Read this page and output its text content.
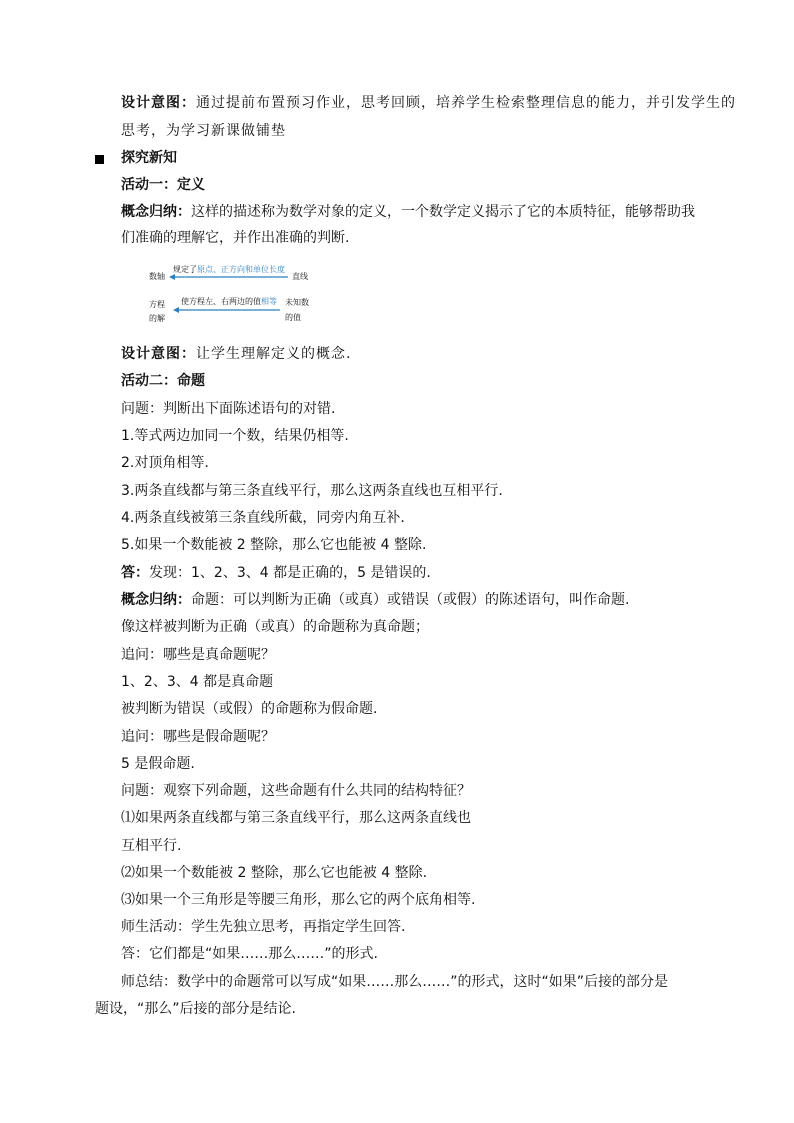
设计意图：通过提前布置预习作业，思考回顾，培养学生检索整理信息的能力，并引发学生的
思考，为学习新课做铺垫
探究新知
活动一：定义
概念归纳：这样的描述称为数学对象的定义，一个数学定义揭示了它的本质特征，能够帮助我
们准确的理解它，并作出准确的判断.
数轴
规定了原点、正方向和单位长度
直线
方程
的解
使方程左、右两边的值相等 未知数
的值
设计意图：让学生理解定义的概念.
活动二：命题
问题：判断出下面陈述语句的对错.
1.等式两边加同一个数，结果仍相等.
2.对顶角相等.
3.两条直线都与第三条直线平行，那么这两条直线也互相平行.
4.两条直线被第三条直线所截，同旁内角互补.
5.如果一个数能被 2 整除，那么它也能被 4 整除.
答：发现：1、2、3、4 都是正确的，5 是错误的.
概念归纳：命题：可以判断为正确（或真）或错误（或假）的陈述语句，叫作命题.
像这样被判断为正确（或真）的命题称为真命题；
追问：哪些是真命题呢？
1、2、3、4 都是真命题
被判断为错误（或假）的命题称为假命题.
追问：哪些是假命题呢？
5 是假命题.
问题：观察下列命题，这些命题有什么共同的结构特征？
⑴如果两条直线都与第三条直线平行，那么这两条直线也
互相平行.
⑵如果一个数能被 2 整除，那么它也能被 4 整除.
⑶如果一个三角形是等腰三角形，那么它的两个底角相等.
师生活动：学生先独立思考，再指定学生回答.
答：它们都是“如果……那么……”的形式.
师总结：数学中的命题常可以写成“如果……那么……”的形式，这时“如果”后接的部分是
题设，“那么”后接的部分是结论.
